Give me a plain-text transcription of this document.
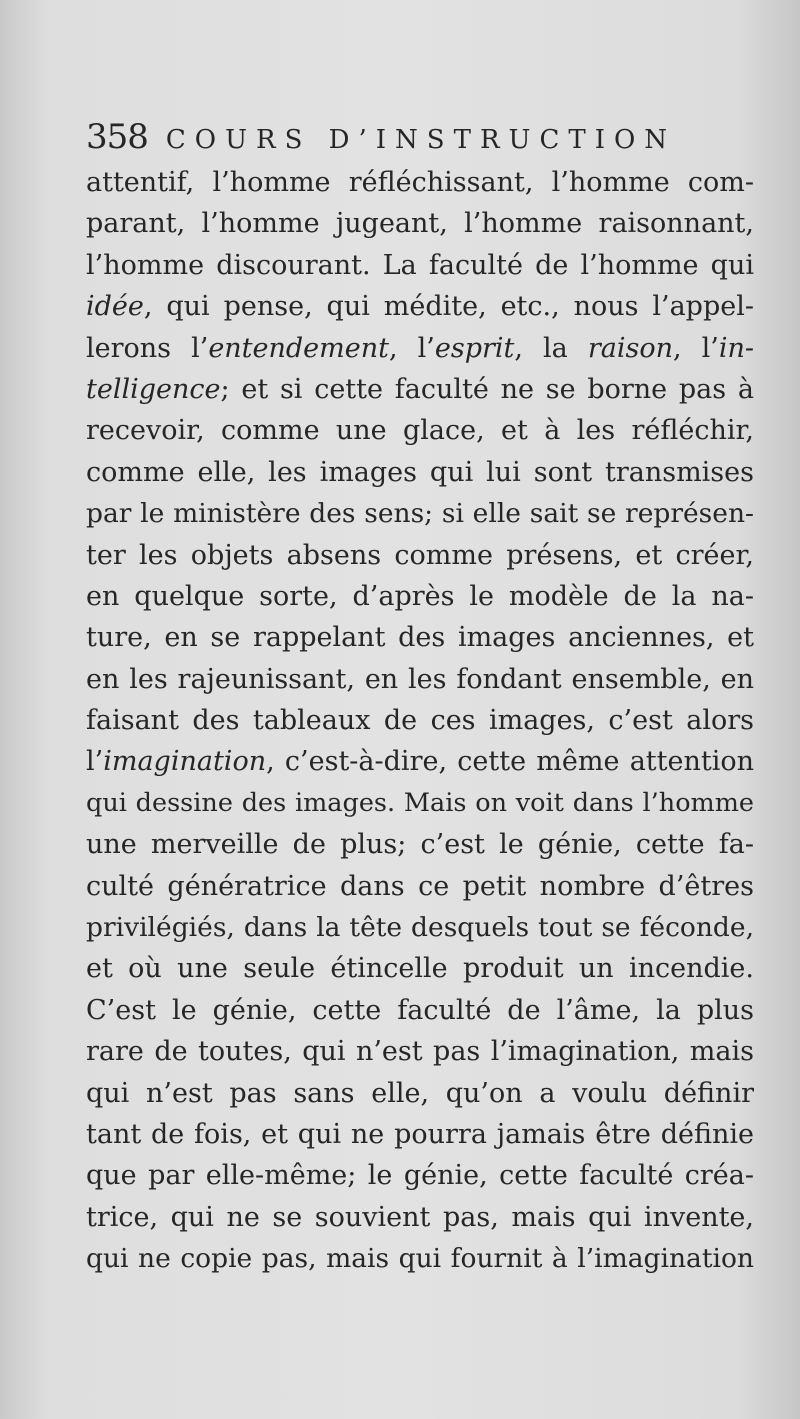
358 COURS D’INSTRUCTION
attentif, l’homme réfléchissant, l’homme com-
parant, l’homme jugeant, l’homme raisonnant,
l’homme discourant. La faculté de l’homme qui
idée, qui pense, qui médite, etc., nous l’appel-
lerons l’entendement, l’esprit, la raison, l’in-
telligence; et si cette faculté ne se borne pas à
recevoir, comme une glace, et à les réfléchir,
comme elle, les images qui lui sont transmises
par le ministère des sens; si elle sait se représen-
ter les objets absens comme présens, et créer,
en quelque sorte, d’après le modèle de la na-
ture, en se rappelant des images anciennes, et
en les rajeunissant, en les fondant ensemble, en
faisant des tableaux de ces images, c’est alors
l’imagination, c’est-à-dire, cette même attention
qui dessine des images. Mais on voit dans l’homme
une merveille de plus; c’est le génie, cette fa-
culté génératrice dans ce petit nombre d’êtres
privilégiés, dans la tête desquels tout se féconde,
et où une seule étincelle produit un incendie.
C’est le génie, cette faculté de l’âme, la plus
rare de toutes, qui n’est pas l’imagination, mais
qui n’est pas sans elle, qu’on a voulu définir
tant de fois, et qui ne pourra jamais être définie
que par elle-même; le génie, cette faculté créa-
trice, qui ne se souvient pas, mais qui invente,
qui ne copie pas, mais qui fournit à l’imagination
